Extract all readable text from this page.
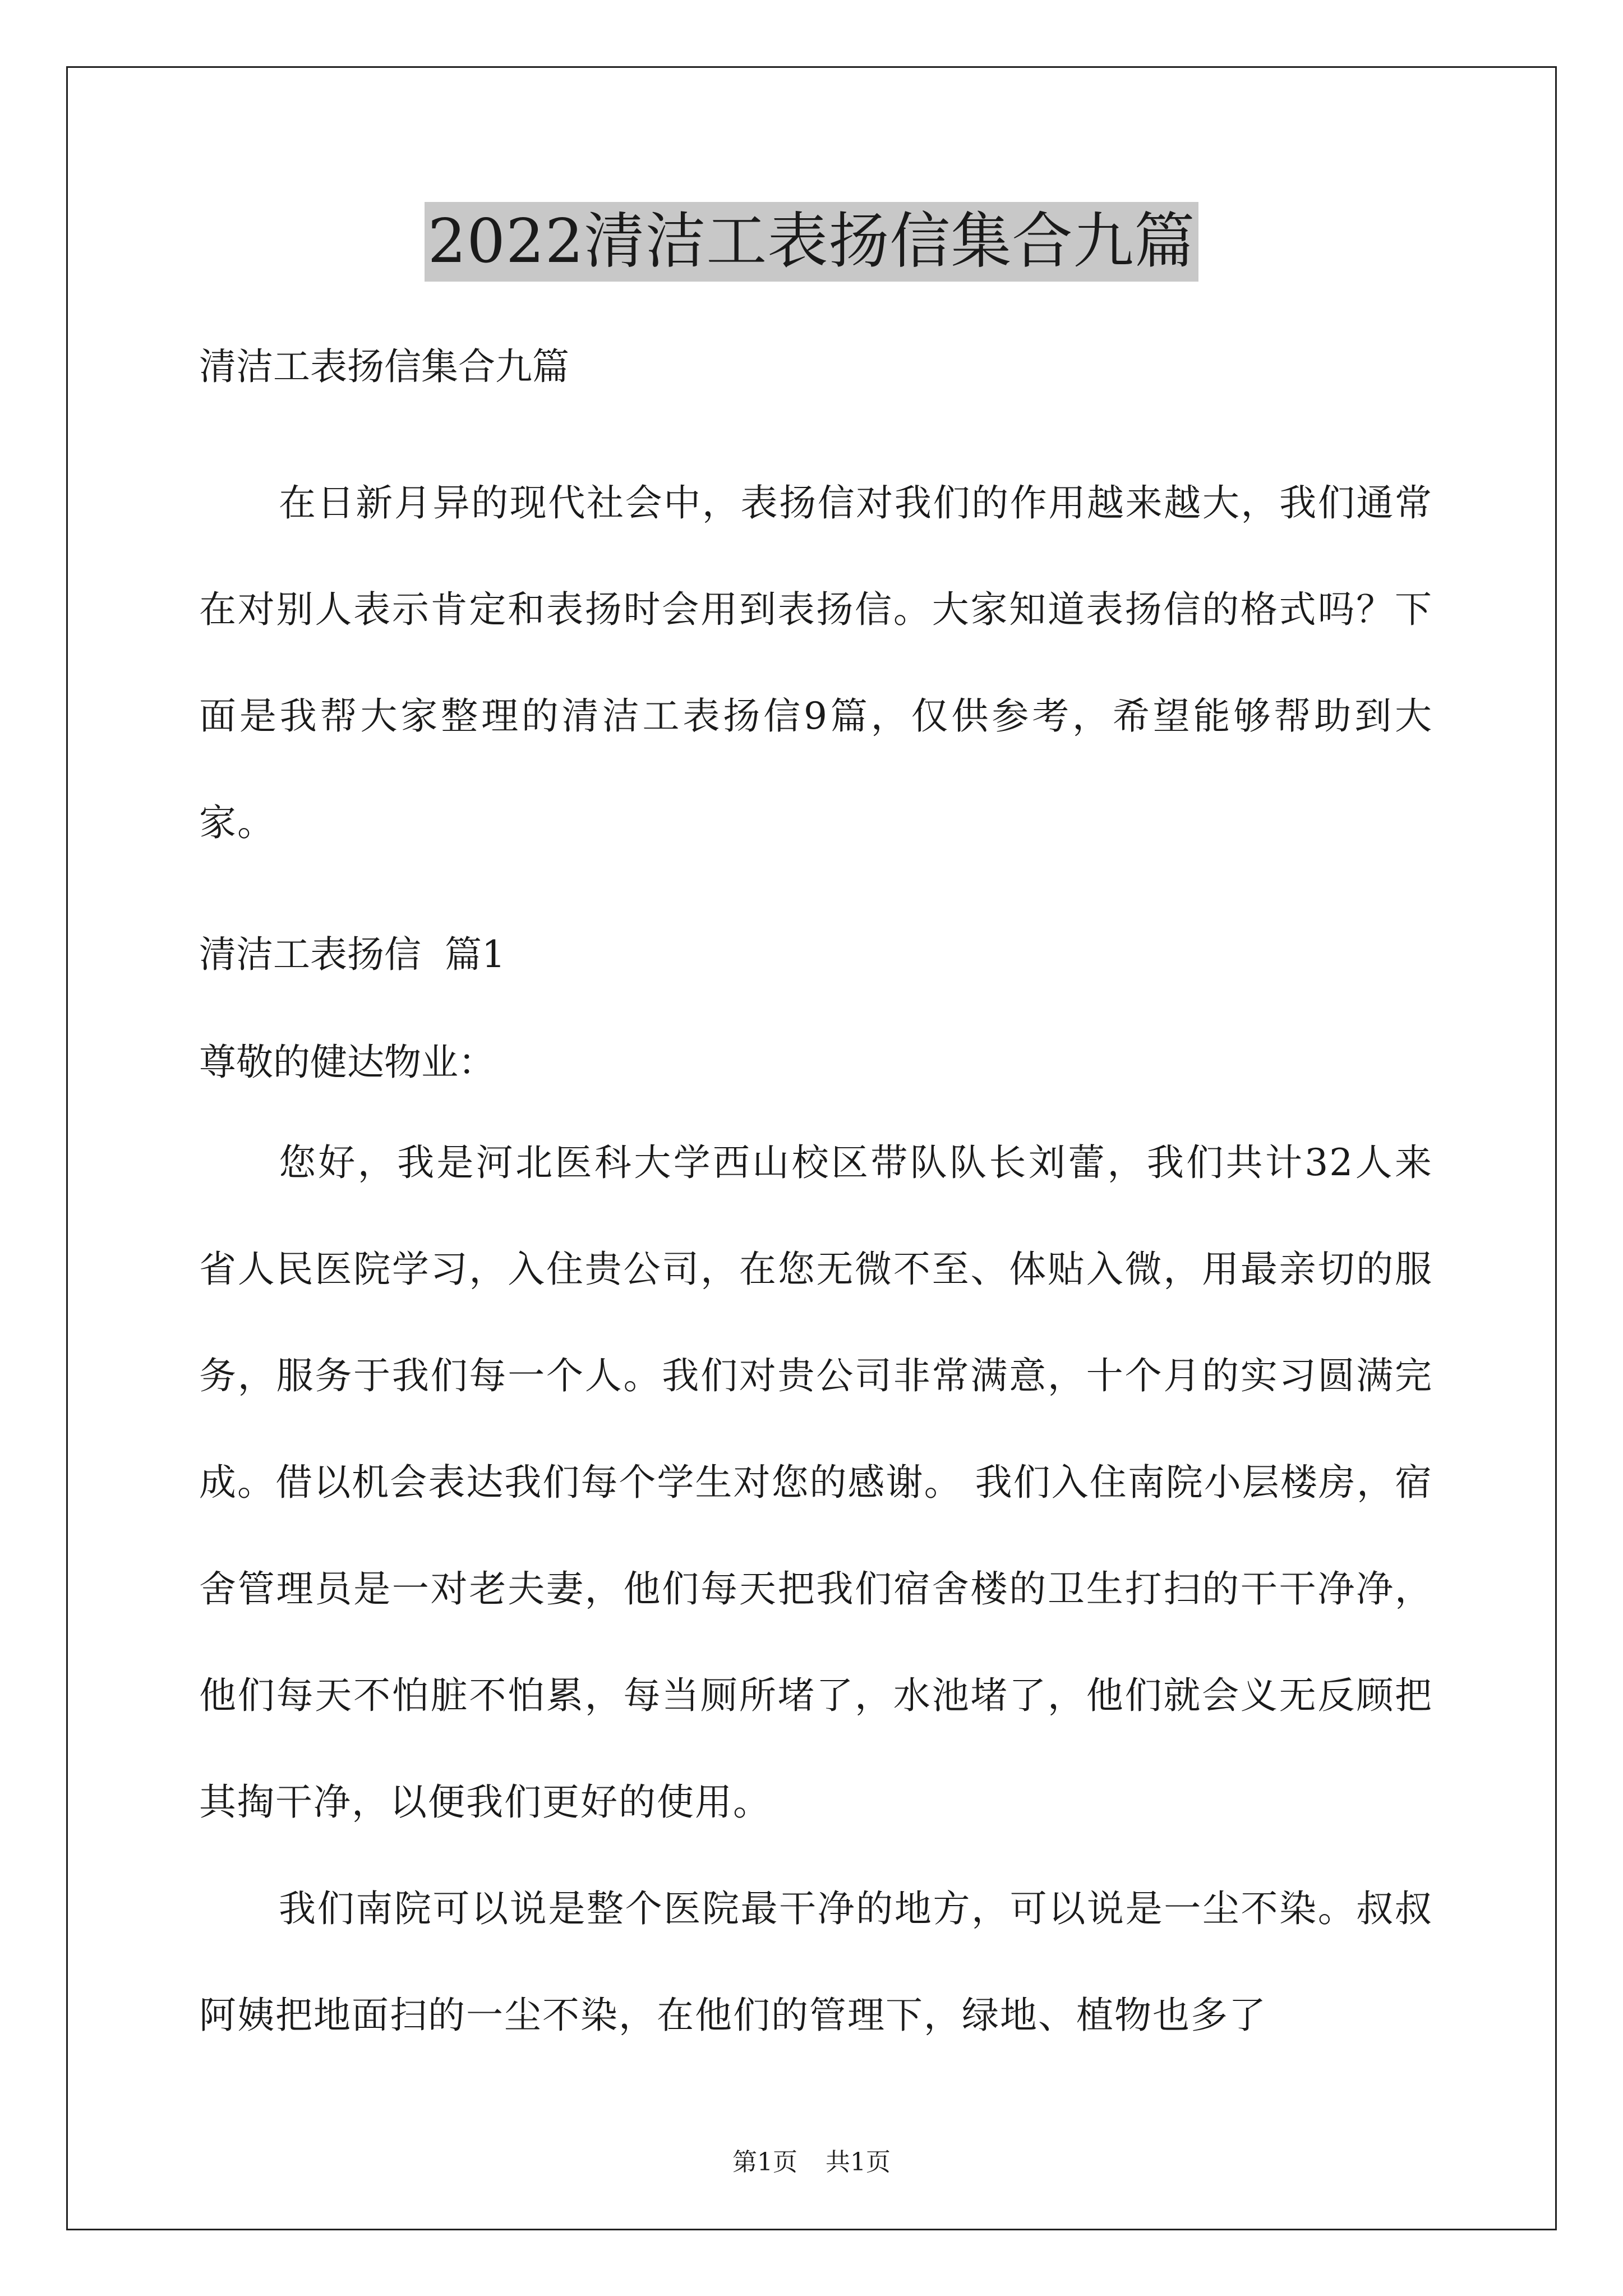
2022清洁工表扬信集合九篇

清洁工表扬信集合九篇

在日新月异的现代社会中，表扬信对我们的作用越来越大，我们通常在对别人表示肯定和表扬时会用到表扬信。大家知道表扬信的格式吗？下面是我帮大家整理的清洁工表扬信9篇，仅供参考，希望能够帮助到大家。

清洁工表扬信  篇1

尊敬的健达物业：

您好，我是河北医科大学西山校区带队队长刘蕾，我们共计32人来省人民医院学习，入住贵公司，在您无微不至、体贴入微，用最亲切的服务，服务于我们每一个人。我们对贵公司非常满意，十个月的实习圆满完成。借以机会表达我们每个学生对您的感谢。 我们入住南院小层楼房，宿舍管理员是一对老夫妻，他们每天把我们宿舍楼的卫生打扫的干干净净，他们每天不怕脏不怕累，每当厕所堵了，水池堵了，他们就会义无反顾把其掏干净，以便我们更好的使用。

我们南院可以说是整个医院最干净的地方，可以说是一尘不染。叔叔阿姨把地面扫的一尘不染，在他们的管理下，绿地、植物也多了

第1页 共1页
